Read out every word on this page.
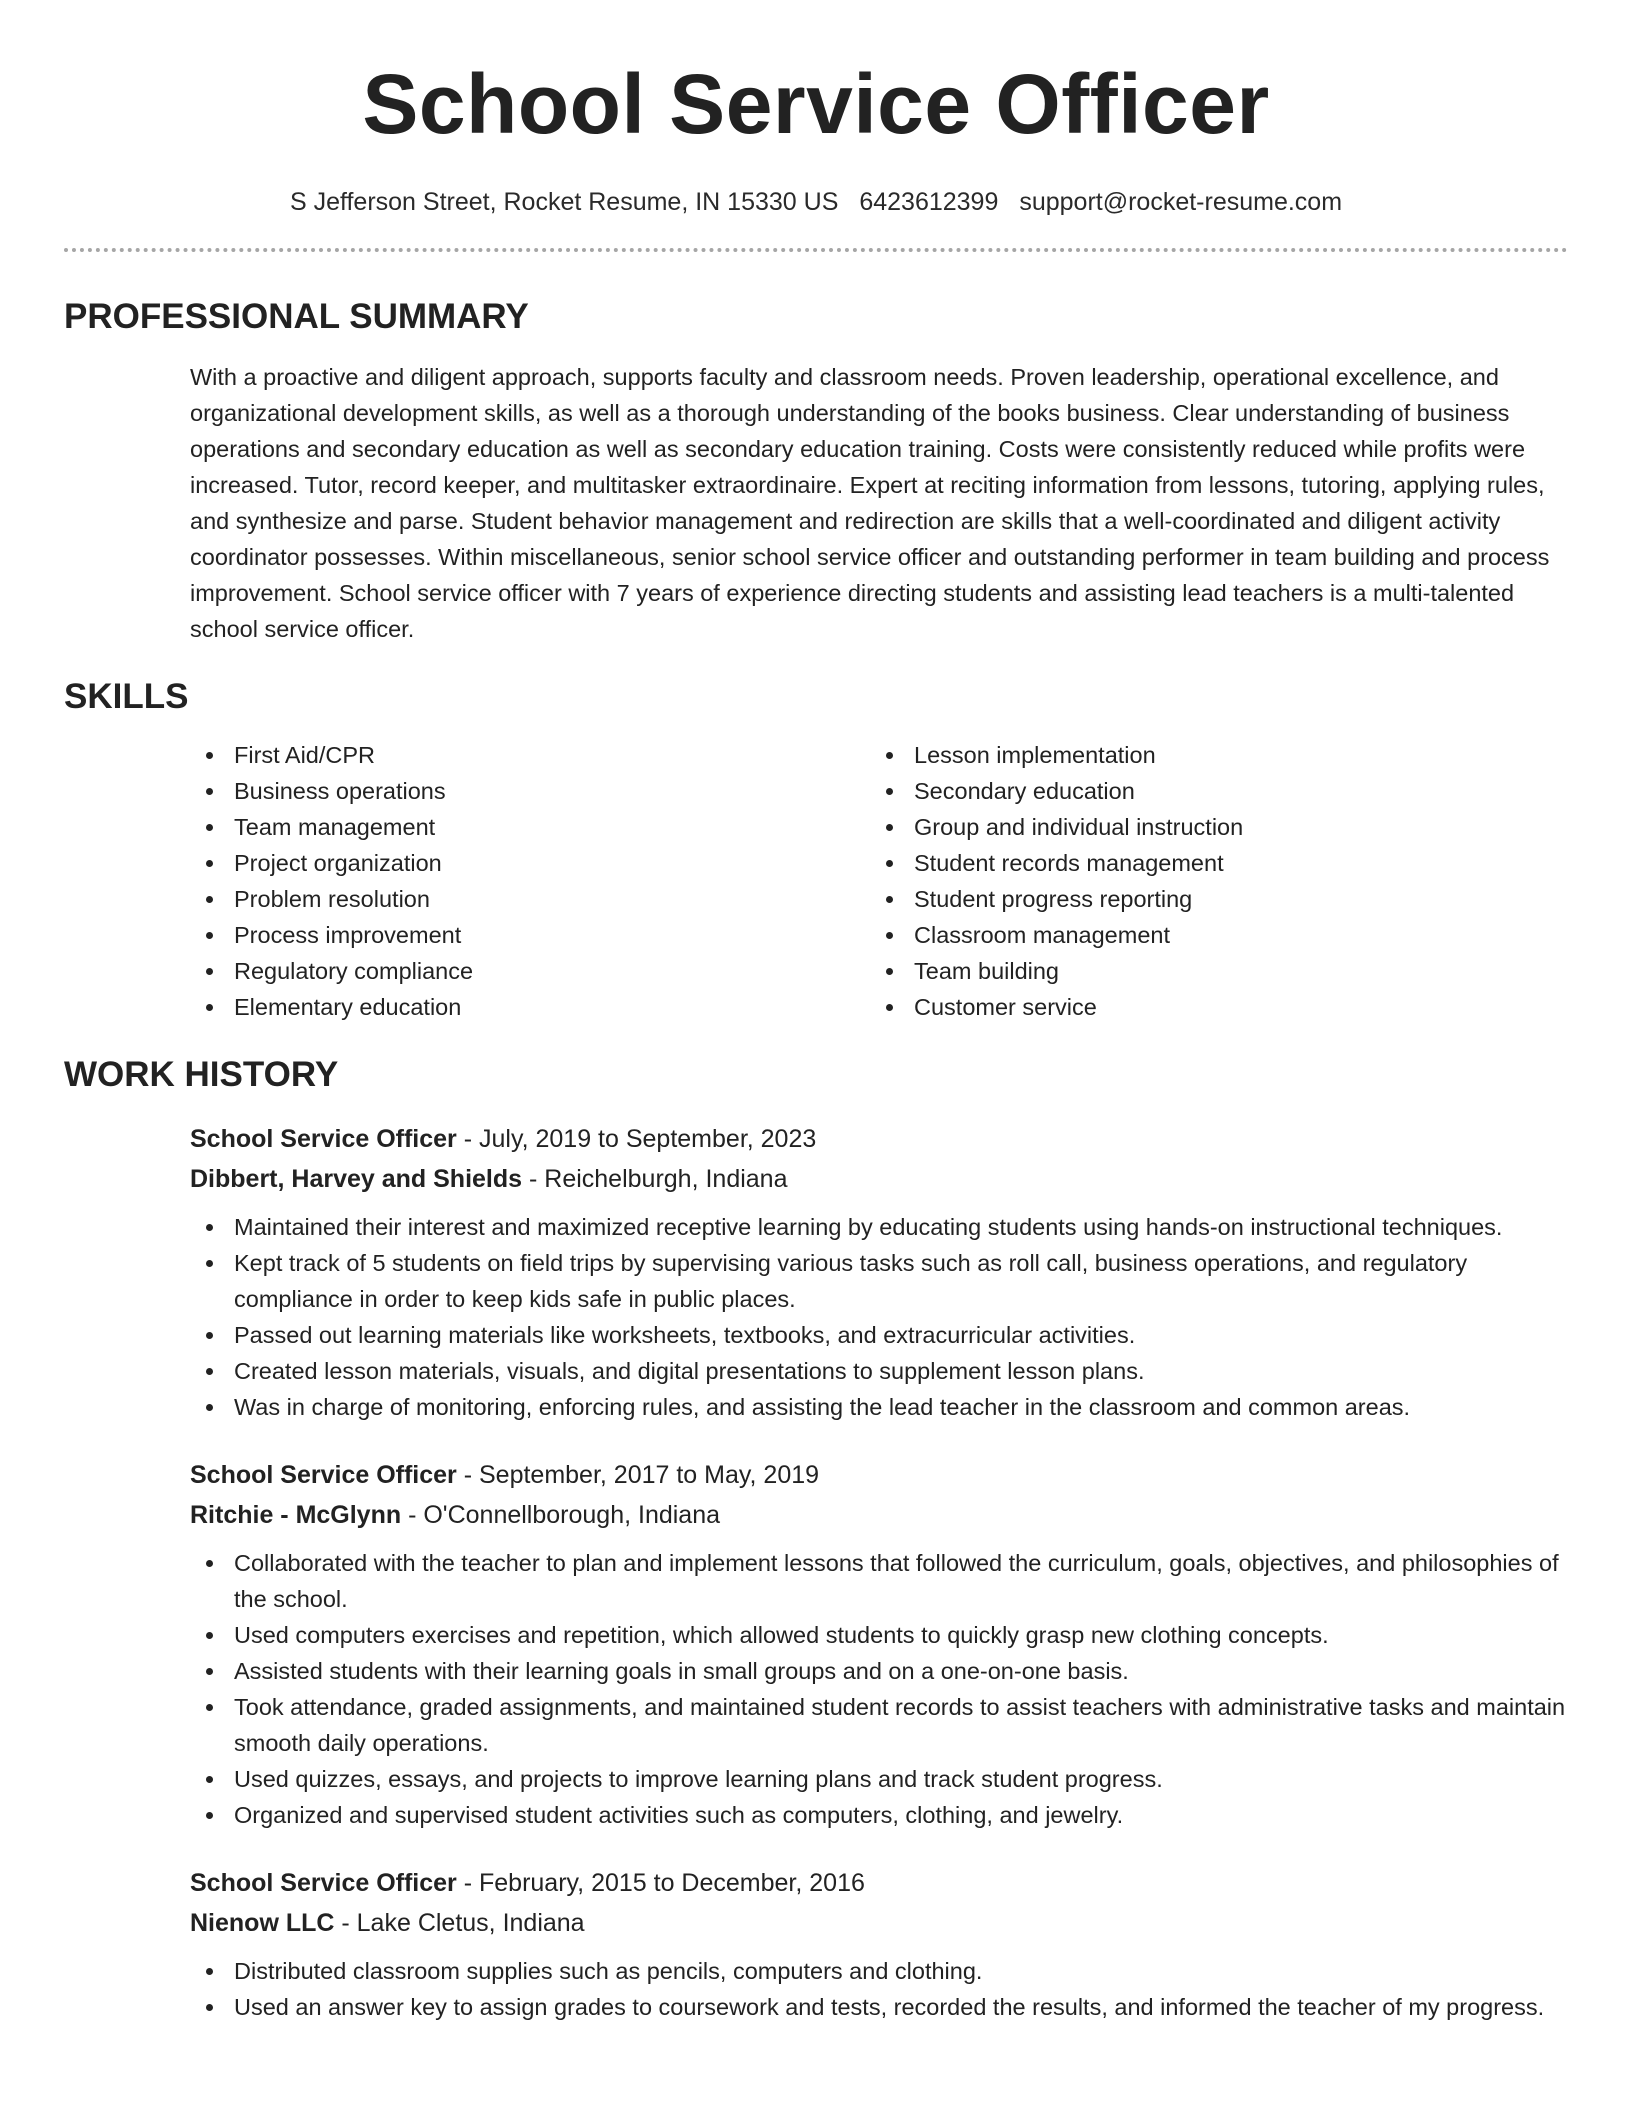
School Service Officer
S Jefferson Street, Rocket Resume, IN 15330 US 6423612399 support@rocket-resume.com
PROFESSIONAL SUMMARY

With a proactive and diligent approach, supports faculty and classroom needs. Proven leadership, operational excellence, and organizational development skills, as well as a thorough understanding of the books business. Clear understanding of business operations and secondary education as well as secondary education training. Costs were consistently reduced while profits were increased. Tutor, record keeper, and multitasker extraordinaire. Expert at reciting information from lessons, tutoring, applying rules, and synthesize and parse. Student behavior management and redirection are skills that a well-coordinated and diligent activity coordinator possesses. Within miscellaneous, senior school service officer and outstanding performer in team building and process improvement. School service officer with 7 years of experience directing students and assisting lead teachers is a multi-talented school service officer.

SKILLS
First Aid/CPR
Business operations
Team management
Project organization
Problem resolution
Process improvement
Regulatory compliance
Elementary education
Lesson implementation
Secondary education
Group and individual instruction
Student records management
Student progress reporting
Classroom management
Team building
Customer service
WORK HISTORY
School Service Officer - July, 2019 to September, 2023
Dibbert, Harvey and Shields - Reichelburgh, Indiana
Maintained their interest and maximized receptive learning by educating students using hands-on instructional techniques.
Kept track of 5 students on field trips by supervising various tasks such as roll call, business operations, and regulatory compliance in order to keep kids safe in public places.
Passed out learning materials like worksheets, textbooks, and extracurricular activities.
Created lesson materials, visuals, and digital presentations to supplement lesson plans.
Was in charge of monitoring, enforcing rules, and assisting the lead teacher in the classroom and common areas.
School Service Officer - September, 2017 to May, 2019
Ritchie - McGlynn - O'Connellborough, Indiana
Collaborated with the teacher to plan and implement lessons that followed the curriculum, goals, objectives, and philosophies of the school.
Used computers exercises and repetition, which allowed students to quickly grasp new clothing concepts.
Assisted students with their learning goals in small groups and on a one-on-one basis.
Took attendance, graded assignments, and maintained student records to assist teachers with administrative tasks and maintain smooth daily operations.
Used quizzes, essays, and projects to improve learning plans and track student progress.
Organized and supervised student activities such as computers, clothing, and jewelry.
School Service Officer - February, 2015 to December, 2016
Nienow LLC - Lake Cletus, Indiana
Distributed classroom supplies such as pencils, computers and clothing.
Used an answer key to assign grades to coursework and tests, recorded the results, and informed the teacher of my progress.
